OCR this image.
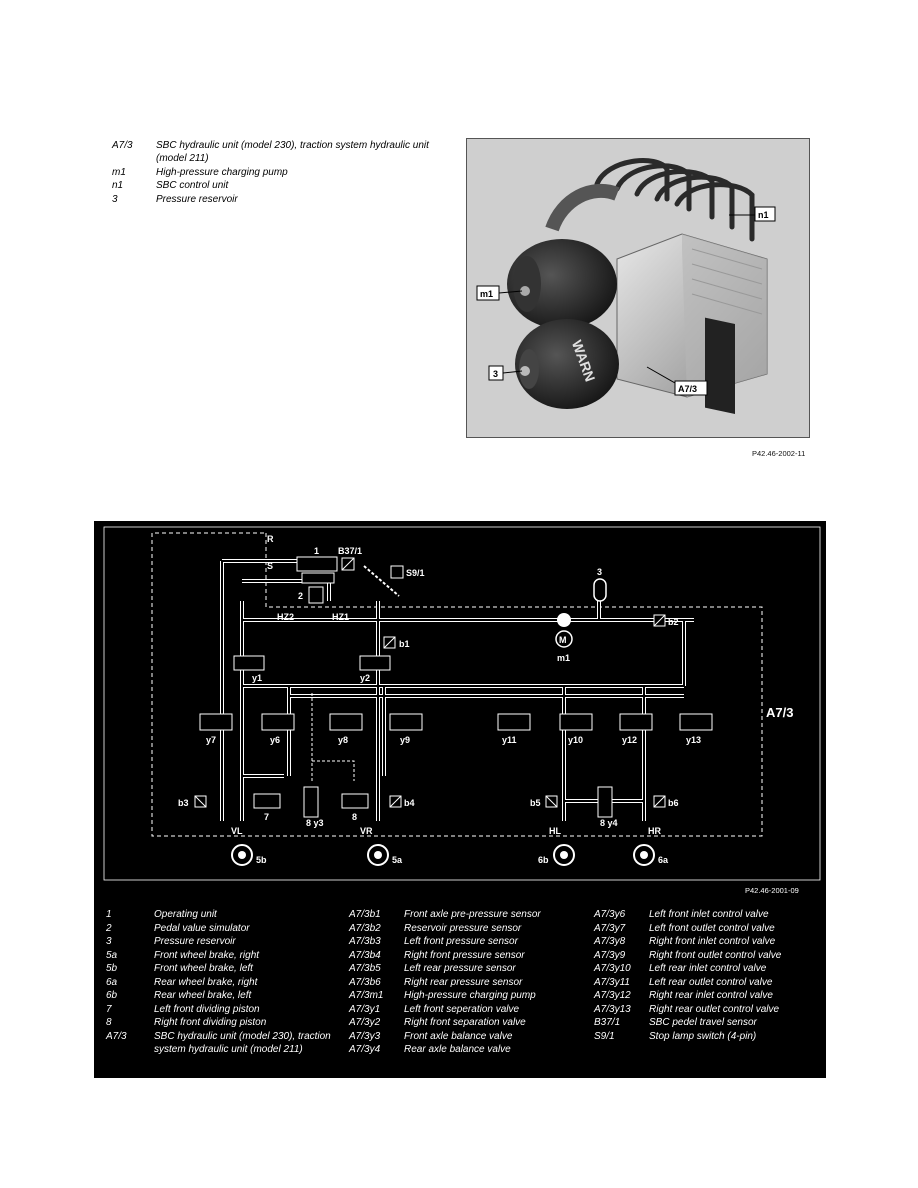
A7/3	SBC hydraulic unit (model 230), traction system hydraulic unit (model 211)
m1	High-pressure charging pump
n1	SBC control unit
3	Pressure reservoir
WARN
n1
m1
3
A7/3
P42.46-2002-11
1
2
R
S
B37/1
S9/1
HZ2	HZ1
M
m1
3
b2
b1
y1	y2
y7	y6	y8	y9	y11	y10	y12	y13
7	8
8 y3	8 y4
b3	b4	b5	b6
VL
5b
VR
5a
HL
6b
HR
6a
A7/3
y5	P42.46-2001-09
1	Operating unit
2	Pedal value simulator
3	Pressure reservoir
5a	Front wheel brake, right
5b	Front wheel brake, left
6a	Rear wheel brake, right
6b	Rear wheel brake, left
7	Left front dividing piston
8	Right front dividing piston
A7/3	SBC hydraulic unit (model 230), traction system hydraulic unit (model 211)
A7/3b1	Front axle pre-pressure sensor
A7/3b2	Reservoir pressure sensor
A7/3b3	Left front pressure sensor
A7/3b4	Right front pressure sensor
A7/3b5	Left rear pressure sensor
A7/3b6	Right rear pressure sensor
A7/3m1	High-pressure charging pump
A7/3y1	Left front seperation valve
A7/3y2	Right front separation valve
A7/3y3	Front axle balance valve
A7/3y4	Rear axle balance valve
A7/3y6	Left front inlet control valve
A7/3y7	Left front outlet control valve
A7/3y8	Right front inlet control valve
A7/3y9	Right front outlet control valve
A7/3y10	Left rear inlet control valve
A7/3y11	Left rear outlet control valve
A7/3y12	Right rear inlet control valve
A7/3y13	Right rear outlet control valve
B37/1	SBC pedel travel sensor
S9/1	Stop lamp switch (4-pin)
